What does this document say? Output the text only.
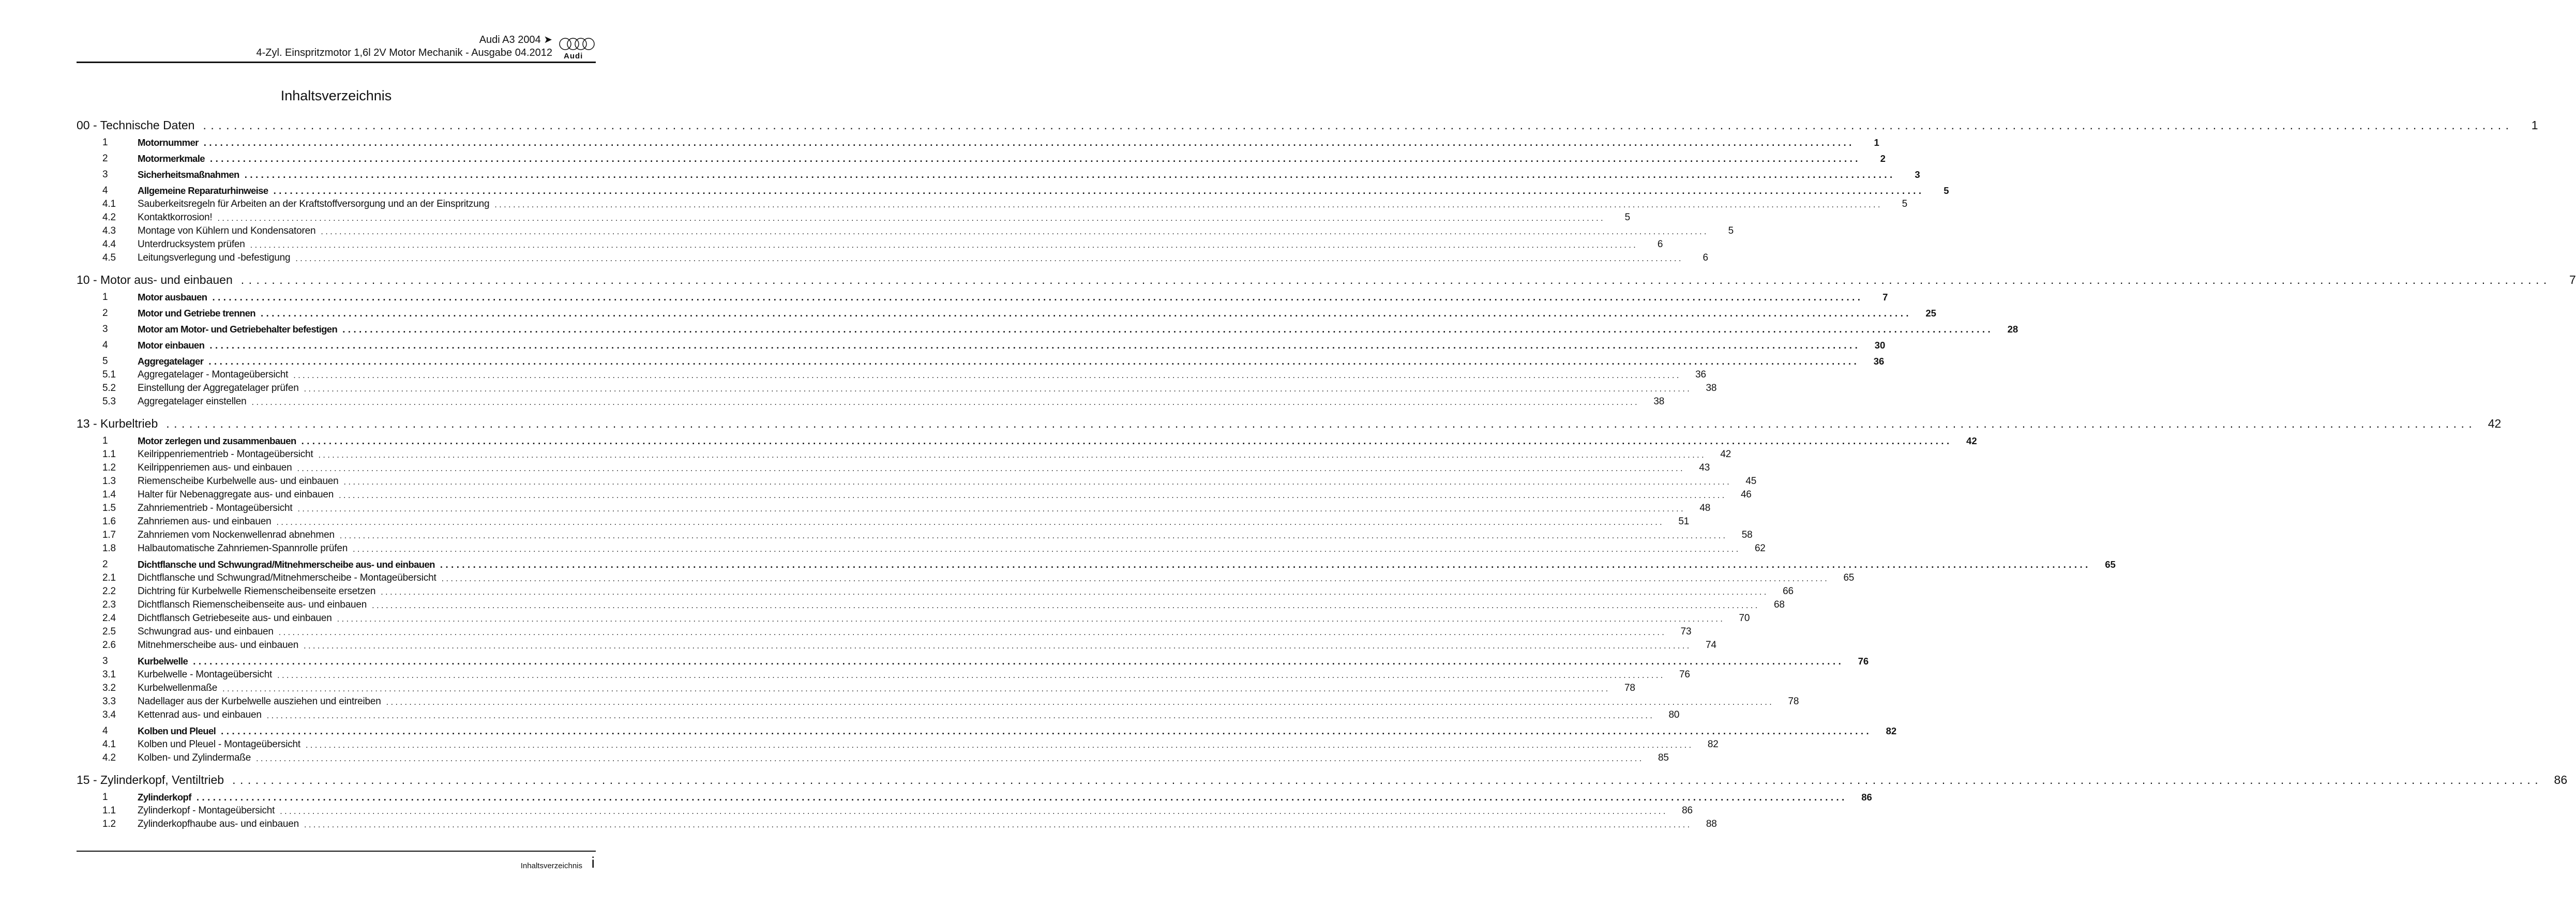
Audi A3 2004 ➤
4-Zyl. Einspritzmotor 1,6l 2V Motor Mechanik - Ausgabe 04.2012 Audi
Inhaltsverzeichnis
00 - Technische Daten ............................................................................................................................................................................................................................................................................................................	1
1	Motornummer ............................................................................................................................................................................................................................................................................................................	1
2	Motormerkmale ............................................................................................................................................................................................................................................................................................................	2
3	Sicherheitsmaßnahmen ............................................................................................................................................................................................................................................................................................................	3
4	Allgemeine Reparaturhinweise ............................................................................................................................................................................................................................................................................................................	5
4.1	Sauberkeitsregeln für Arbeiten an der Kraftstoffversorgung und an der Einspritzung ............................................................................................................................................................................................................................................................................................................	5
4.2	Kontaktkorrosion! ............................................................................................................................................................................................................................................................................................................	5
4.3	Montage von Kühlern und Kondensatoren ............................................................................................................................................................................................................................................................................................................	5
4.4	Unterdrucksystem prüfen ............................................................................................................................................................................................................................................................................................................	6
4.5	Leitungsverlegung und -befestigung ............................................................................................................................................................................................................................................................................................................	6
10 - Motor aus- und einbauen ............................................................................................................................................................................................................................................................................................................	7
1	Motor ausbauen ............................................................................................................................................................................................................................................................................................................	7
2	Motor und Getriebe trennen ............................................................................................................................................................................................................................................................................................................	25
3	Motor am Motor- und Getriebehalter befestigen ............................................................................................................................................................................................................................................................................................................	28
4	Motor einbauen ............................................................................................................................................................................................................................................................................................................	30
5	Aggregatelager ............................................................................................................................................................................................................................................................................................................	36
5.1	Aggregatelager - Montageübersicht ............................................................................................................................................................................................................................................................................................................	36
5.2	Einstellung der Aggregatelager prüfen ............................................................................................................................................................................................................................................................................................................	38
5.3	Aggregatelager einstellen ............................................................................................................................................................................................................................................................................................................	38
13 - Kurbeltrieb ............................................................................................................................................................................................................................................................................................................ 42
1	Motor zerlegen und zusammenbauen ............................................................................................................................................................................................................................................................................................................	42
1.1	Keilrippenriementrieb - Montageübersicht ............................................................................................................................................................................................................................................................................................................	42
1.2	Keilrippenriemen aus- und einbauen ............................................................................................................................................................................................................................................................................................................	43
1.3	Riemenscheibe Kurbelwelle aus- und einbauen ............................................................................................................................................................................................................................................................................................................	45
1.4	Halter für Nebenaggregate aus- und einbauen ............................................................................................................................................................................................................................................................................................................	46
1.5	Zahnriementrieb - Montageübersicht ............................................................................................................................................................................................................................................................................................................	48
1.6	Zahnriemen aus- und einbauen ............................................................................................................................................................................................................................................................................................................	51
1.7	Zahnriemen vom Nockenwellenrad abnehmen ............................................................................................................................................................................................................................................................................................................	58
1.8	Halbautomatische Zahnriemen-Spannrolle prüfen ............................................................................................................................................................................................................................................................................................................	62
2	Dichtflansche und Schwungrad/Mitnehmerscheibe aus- und einbauen ............................................................................................................................................................................................................................................................................................................	65
2.1	Dichtflansche und Schwungrad/Mitnehmerscheibe - Montageübersicht ............................................................................................................................................................................................................................................................................................................	65
2.2	Dichtring für Kurbelwelle Riemenscheibenseite ersetzen ............................................................................................................................................................................................................................................................................................................	66
2.3	Dichtflansch Riemenscheibenseite aus- und einbauen ............................................................................................................................................................................................................................................................................................................	68
2.4	Dichtflansch Getriebeseite aus- und einbauen ............................................................................................................................................................................................................................................................................................................	70
2.5	Schwungrad aus- und einbauen ............................................................................................................................................................................................................................................................................................................	73
2.6	Mitnehmerscheibe aus- und einbauen ............................................................................................................................................................................................................................................................................................................	74
3	Kurbelwelle ............................................................................................................................................................................................................................................................................................................	76
3.1	Kurbelwelle - Montageübersicht ............................................................................................................................................................................................................................................................................................................	76
3.2	Kurbelwellenmaße ............................................................................................................................................................................................................................................................................................................	78
3.3	Nadellager aus der Kurbelwelle ausziehen und eintreiben ............................................................................................................................................................................................................................................................................................................	78
3.4	Kettenrad aus- und einbauen ............................................................................................................................................................................................................................................................................................................	80
4	Kolben und Pleuel ............................................................................................................................................................................................................................................................................................................	82
4.1	Kolben und Pleuel - Montageübersicht ............................................................................................................................................................................................................................................................................................................	82
4.2	Kolben- und Zylindermaße ............................................................................................................................................................................................................................................................................................................	85
15 - Zylinderkopf, Ventiltrieb ............................................................................................................................................................................................................................................................................................................ 86
1	Zylinderkopf ............................................................................................................................................................................................................................................................................................................	86
1.1	Zylinderkopf - Montageübersicht ............................................................................................................................................................................................................................................................................................................	86
1.2	Zylinderkopfhaube aus- und einbauen ............................................................................................................................................................................................................................................................................................................	88
Inhaltsverzeichnis i
